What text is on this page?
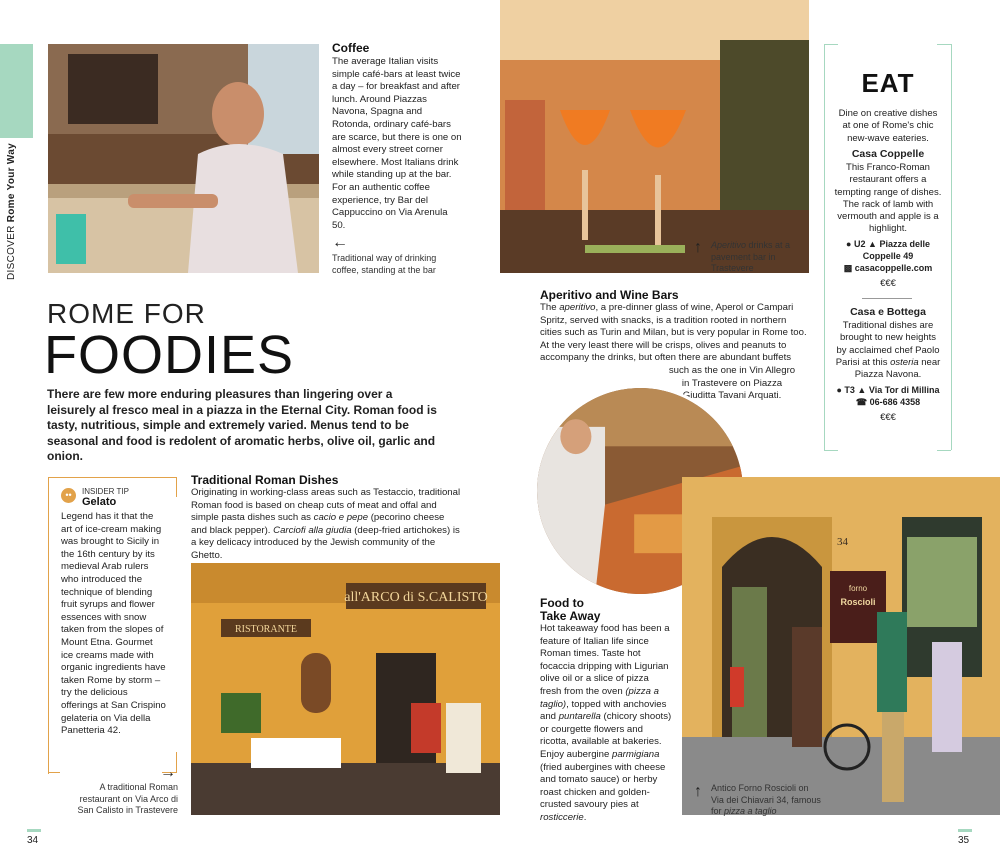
DISCOVER Rome Your Way
Coffee
The average Italian visits simple café-bars at least twice a day – for breakfast and after lunch. Around Piazzas Navona, Spagna and Rotonda, ordinary café-bars are scarce, but there is one on almost every street corner elsewhere. Most Italians drink while standing up at the bar. For an authentic coffee experience, try Bar del Cappuccino on Via Arenula 50.
←
Traditional way of drinking coffee, standing at the bar
↑ Aperitivo drinks at a pavement bar in Trastevere
EAT
Dine on creative dishes at one of Rome's chic new-wave eateries.
Casa Coppelle
This Franco-Roman restaurant offers a tempting range of dishes. The rack of lamb with vermouth and apple is a highlight.
● U2 ▲ Piazza delle Coppelle 49
▩ casacoppelle.com
€€€
Casa e Bottega
Traditional dishes are brought to new heights by acclaimed chef Paolo Parisi at this osteria near Piazza Navona.
● T3 ▲ Via Tor di Millina ☎ 06-686 4358
€€€
ROME FOR
FOODIES
There are few more enduring pleasures than lingering over a leisurely al fresco meal in a piazza in the Eternal City. Roman food is tasty, nutritious, simple and extremely varied. Menus tend to be seasonal and food is redolent of aromatic herbs, olive oil, garlic and onion.
Aperitivo and Wine Bars
The aperitivo, a pre-dinner glass of wine, Aperol or Campari Spritz, served with snacks, is a tradition rooted in northern cities such as Turin and Milan, but is very popular in Rome too. At the very least there will be crisps, olives and peanuts to accompany the drinks, but often there are abundant buffets
such as the one in Vin Allegro in Trastevere on Piazza Giuditta Tavani Arquati.
••	INSIDER TIP
Gelato
Legend has it that the art of ice-cream making was brought to Sicily in the 16th century by its medieval Arab rulers who introduced the technique of blending fruit syrups and flower essences with snow taken from the slopes of Mount Etna. Gourmet ice creams made with organic ingredients have taken Rome by storm – try the delicious offerings at San Crispino gelateria on Via della Panetteria 42.
Traditional Roman Dishes
Originating in working-class areas such as Testaccio, traditional Roman food is based on cheap cuts of meat and offal and simple pasta dishes such as cacio e pepe (pecorino cheese and black pepper). Carciofi alla giudia (deep-fried artichokes) is a key delicacy introduced by the Jewish community of the Ghetto.
all'ARCO di S.CALISTO
RISTORANTE
→
A traditional Roman restaurant on Via Arco di San Calisto in Trastevere
Food to
Take Away
Hot takeaway food has been a feature of Italian life since Roman times. Taste hot focaccia dripping with Ligurian olive oil or a slice of pizza fresh from the oven (pizza a taglio), topped with anchovies and puntarella (chicory shoots) or courgette flowers and ricotta, available at bakeries. Enjoy aubergine parmigiana (fried aubergines with cheese and tomato sauce) or herby roast chicken and golden-crusted savoury pies at rosticcerie.
forno
Roscioli
34
↑ Antico Forno Roscioli on Via dei Chiavari 34, famous for pizza a taglio
34	35
